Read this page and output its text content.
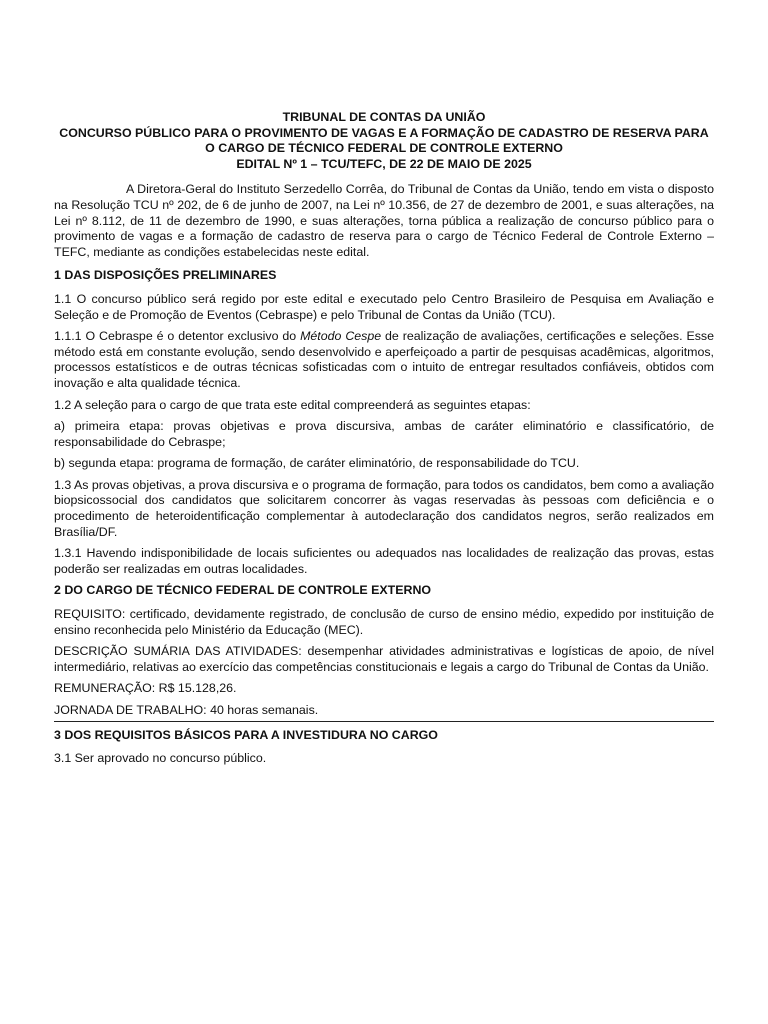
TRIBUNAL DE CONTAS DA UNIÃO
CONCURSO PÚBLICO PARA O PROVIMENTO DE VAGAS E A FORMAÇÃO DE CADASTRO DE RESERVA PARA
O CARGO DE TÉCNICO FEDERAL DE CONTROLE EXTERNO
EDITAL Nº 1 – TCU/TEFC, DE 22 DE MAIO DE 2025

A Diretora-Geral do Instituto Serzedello Corrêa, do Tribunal de Contas da União, tendo em vista o disposto na Resolução TCU nº 202, de 6 de junho de 2007, na Lei nº 10.356, de 27 de dezembro de 2001, e suas alterações, na Lei nº 8.112, de 11 de dezembro de 1990, e suas alterações, torna pública a realização de concurso público para o provimento de vagas e a formação de cadastro de reserva para o cargo de Técnico Federal de Controle Externo – TEFC, mediante as condições estabelecidas neste edital.

1 DAS DISPOSIÇÕES PRELIMINARES

1.1 O concurso público será regido por este edital e executado pelo Centro Brasileiro de Pesquisa em Avaliação e Seleção e de Promoção de Eventos (Cebraspe) e pelo Tribunal de Contas da União (TCU).

1.1.1 O Cebraspe é o detentor exclusivo do Método Cespe de realização de avaliações, certificações e seleções. Esse método está em constante evolução, sendo desenvolvido e aperfeiçoado a partir de pesquisas acadêmicas, algoritmos, processos estatísticos e de outras técnicas sofisticadas com o intuito de entregar resultados confiáveis, obtidos com inovação e alta qualidade técnica.

1.2 A seleção para o cargo de que trata este edital compreenderá as seguintes etapas:

a) primeira etapa: provas objetivas e prova discursiva, ambas de caráter eliminatório e classificatório, de responsabilidade do Cebraspe;

b) segunda etapa: programa de formação, de caráter eliminatório, de responsabilidade do TCU.

1.3 As provas objetivas, a prova discursiva e o programa de formação, para todos os candidatos, bem como a avaliação biopsicossocial dos candidatos que solicitarem concorrer às vagas reservadas às pessoas com deficiência e o procedimento de heteroidentificação complementar à autodeclaração dos candidatos negros, serão realizados em Brasília/DF.

1.3.1 Havendo indisponibilidade de locais suficientes ou adequados nas localidades de realização das provas, estas poderão ser realizadas em outras localidades.

2 DO CARGO DE TÉCNICO FEDERAL DE CONTROLE EXTERNO

REQUISITO: certificado, devidamente registrado, de conclusão de curso de ensino médio, expedido por instituição de ensino reconhecida pelo Ministério da Educação (MEC).

DESCRIÇÃO SUMÁRIA DAS ATIVIDADES: desempenhar atividades administrativas e logísticas de apoio, de nível intermediário, relativas ao exercício das competências constitucionais e legais a cargo do Tribunal de Contas da União.

REMUNERAÇÃO: R$ 15.128,26.

JORNADA DE TRABALHO: 40 horas semanais.

3 DOS REQUISITOS BÁSICOS PARA A INVESTIDURA NO CARGO

3.1 Ser aprovado no concurso público.
